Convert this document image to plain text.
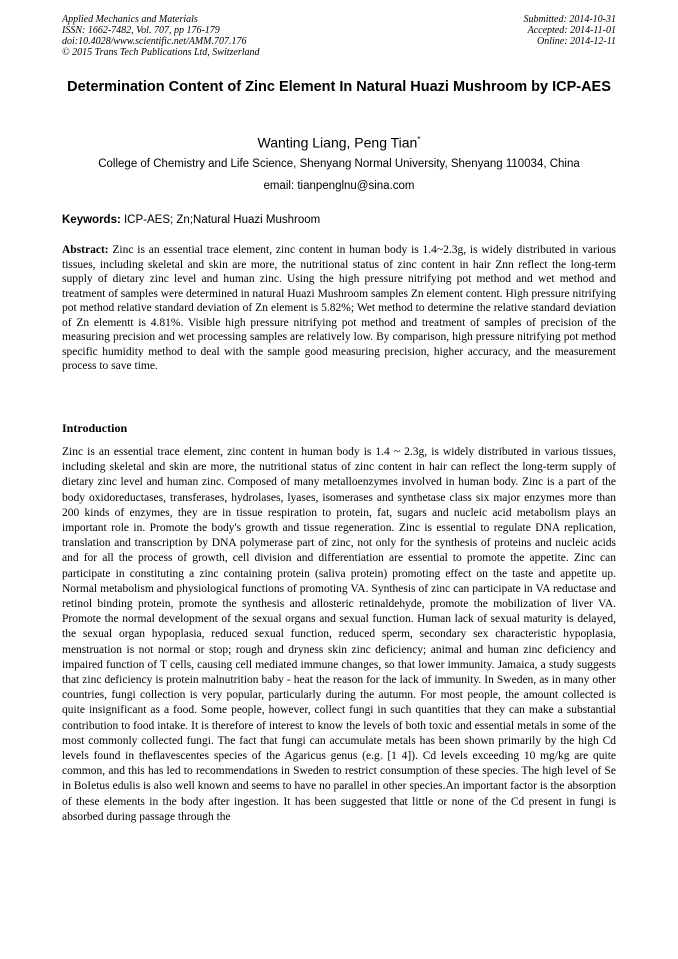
Applied Mechanics and Materials
ISSN: 1662-7482, Vol. 707, pp 176-179
doi:10.4028/www.scientific.net/AMM.707.176
© 2015 Trans Tech Publications Ltd, Switzerland
Submitted: 2014-10-31
Accepted: 2014-11-01
Online: 2014-12-11
Determination Content of Zinc Element In Natural Huazi Mushroom by ICP-AES
Wanting Liang, Peng Tian*
College of Chemistry and Life Science, Shenyang Normal University, Shenyang 110034, China
email: tianpenglnu@sina.com
Keywords: ICP-AES; Zn;Natural Huazi Mushroom

Abstract: Zinc is an essential trace element, zinc content in human body is 1.4~2.3g, is widely distributed in various tissues, including skeletal and skin are more, the nutritional status of zinc content in hair Znn reflect the long-term supply of dietary zinc level and human zinc. Using the high pressure nitrifying pot method and wet method and treatment of samples were determined in natural Huazi Mushroom samples Zn element content. High pressure nitrifying pot method relative standard deviation of Zn element is 5.82%; Wet method to determine the relative standard deviation of Zn elementt is 4.81%. Visible high pressure nitrifying pot method and treatment of samples of precision of the measuring precision and wet processing samples are relatively low. By comparison, high pressure nitrifying pot method specific humidity method to deal with the sample good measuring precision, higher accuracy, and the measurement process to save time.

Introduction

Zinc is an essential trace element, zinc content in human body is 1.4 ~ 2.3g, is widely distributed in various tissues, including skeletal and skin are more, the nutritional status of zinc content in hair can reflect the long-term supply of dietary zinc level and human zinc. Composed of many metalloenzymes involved in human body. Zinc is a part of the body oxidoreductases, transferases, hydrolases, lyases, isomerases and synthetase class six major enzymes more than 200 kinds of enzymes, they are in tissue respiration to protein, fat, sugars and nucleic acid metabolism plays an important role in. Promote the body's growth and tissue regeneration. Zinc is essential to regulate DNA replication, translation and transcription by DNA polymerase part of zinc, not only for the synthesis of proteins and nucleic acids and for all the process of growth, cell division and differentiation are essential to promote the appetite. Zinc can participate in constituting a zinc containing protein (saliva protein) promoting effect on the taste and appetite up. Normal metabolism and physiological functions of promoting VA. Synthesis of zinc can participate in VA reductase and retinol binding protein, promote the synthesis and allosteric retinaldehyde, promote the mobilization of liver VA. Promote the normal development of the sexual organs and sexual function. Human lack of sexual maturity is delayed, the sexual organ hypoplasia, reduced sexual function, reduced sperm, secondary sex characteristic hypoplasia, menstruation is not normal or stop; rough and dryness skin zinc deficiency; animal and human zinc deficiency and impaired function of T cells, causing cell mediated immune changes, so that lower immunity. Jamaica, a study suggests that zinc deficiency is protein malnutrition baby - heat the reason for the lack of immunity. In Sweden, as in many other countries, fungi collection is very popular, particularly during the autumn. For most people, the amount collected is quite insignificant as a food. Some people, however, collect fungi in such quantities that they can make a substantial contribution to food intake. It is therefore of interest to know the levels of both toxic and essential metals in some of the most commonly collected fungi. The fact that fungi can accumulate metals has been shown primarily by the high Cd levels found in theflavescentes species of the Agaricus genus (e.g. [1 4]). Cd levels exceeding 10 mg/kg are quite common, and this has led to recommendations in Sweden to restrict consumption of these species. The high level of Se in BoIetus edulis is also well known and seems to have no parallel in other species.An important factor is the absorption of these elements in the body after ingestion. It has been suggested that little or none of the Cd present in fungi is absorbed during passage through the
